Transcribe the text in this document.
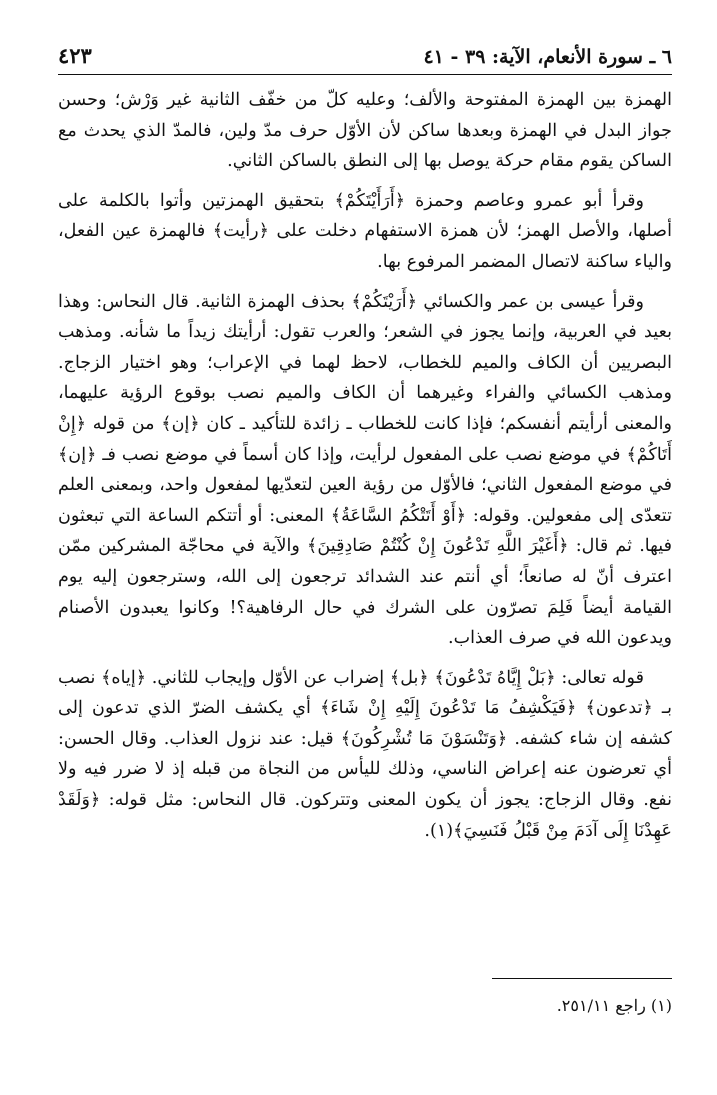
٦ ـ سورة الأنعام، الآية: ٣٩ - ٤١
٤٢٣

الهمزة بين الهمزة المفتوحة والألف؛ وعليه كلّ من خفّف الثانية غير وَرْش؛ وحسن جواز البدل في الهمزة وبعدها ساكن لأن الأوّل حرف مدّ ولين، فالمدّ الذي يحدث مع الساكن يقوم مقام حركة يوصل بها إلى النطق بالساكن الثاني.

وقرأ أبو عمرو وعاصم وحمزة ﴿أَرَأَيْتَكُمْ﴾ بتحقيق الهمزتين وأتوا بالكلمة على أصلها، والأصل الهمز؛ لأن همزة الاستفهام دخلت على ﴿رأيت﴾ فالهمزة عين الفعل، والياء ساكنة لاتصال المضمر المرفوع بها.

وقرأ عيسى بن عمر والكسائي ﴿أَرَيْتَكُمْ﴾ بحذف الهمزة الثانية. قال النحاس: وهذا بعيد في العربية، وإنما يجوز في الشعر؛ والعرب تقول: أرأيتك زيداً ما شأنه. ومذهب البصريين أن الكاف والميم للخطاب، لاحظ لهما في الإعراب؛ وهو اختيار الزجاج. ومذهب الكسائي والفراء وغيرهما أن الكاف والميم نصب بوقوع الرؤية عليهما، والمعنى أرأيتم أنفسكم؛ فإذا كانت للخطاب ـ زائدة للتأكيد ـ كان ﴿إن﴾ من قوله ﴿إِنْ أَتَاكُمْ﴾ في موضع نصب على المفعول لرأيت، وإذا كان أسماً في موضع نصب فـ ﴿إن﴾ في موضع المفعول الثاني؛ فالأوّل من رؤية العين لتعدّيها لمفعول واحد، وبمعنى العلم تتعدّى إلى مفعولين. وقوله: ﴿أَوْ أَتَتْكُمُ السَّاعَةُ﴾ المعنى: أو أتتكم الساعة التي تبعثون فيها. ثم قال: ﴿أَغَيْرَ اللَّهِ تَدْعُونَ إِنْ كُنْتُمْ صَادِقِينَ﴾ والآية في محاجّة المشركين ممّن اعترف أنّ له صانعاً؛ أي أنتم عند الشدائد ترجعون إلى الله، وسترجعون إليه يوم القيامة أيضاً فَلِمَ تصرّون على الشرك في حال الرفاهية؟! وكانوا يعبدون الأصنام ويدعون الله في صرف العذاب.

قوله تعالى: ﴿بَلْ إِيَّاهُ تَدْعُونَ﴾ ﴿بل﴾ إضراب عن الأوّل وإيجاب للثاني. ﴿إياه﴾ نصب بـ ﴿تدعون﴾ ﴿فَيَكْشِفُ مَا تَدْعُونَ إِلَيْهِ إِنْ شَاءَ﴾ أي يكشف الضرّ الذي تدعون إلى كشفه إن شاء كشفه. ﴿وَتَنْسَوْنَ مَا تُشْرِكُونَ﴾ قيل: عند نزول العذاب. وقال الحسن: أي تعرضون عنه إعراض الناسي، وذلك لليأس من النجاة من قبله إذ لا ضرر فيه ولا نفع. وقال الزجاج: يجوز أن يكون المعنى وتتركون. قال النحاس: مثل قوله: ﴿وَلَقَدْ عَهِدْنَا إِلَى آدَمَ مِنْ قَبْلُ فَنَسِيَ﴾(١).

(١) راجع ٢٥١/١١.
